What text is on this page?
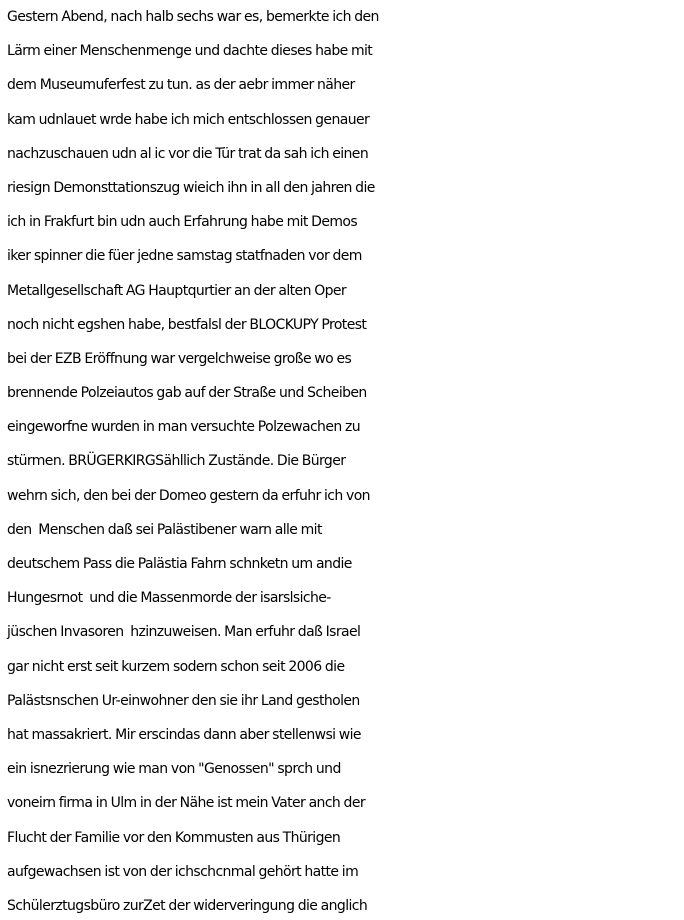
Gestern Abend, nach halb sechs war es, bemerkte ich den
Lärm einer Menschenmenge und dachte dieses habe mit
dem Museumuferfest zu tun. as der aebr immer näher
kam udnlauet wrde habe ich mich entschlossen genauer
nachzuschauen udn al ic vor die Tür trat da sah ich einen
riesign Demonsttationszug wieich ihn in all den jahren die
ich in Frakfurt bin udn auch Erfahrung habe mit Demos
iker spinner die füer jedne samstag statfnaden vor dem
Metallgesellschaft AG Hauptqurtier an der alten Oper
noch nicht egshen habe, bestfalsl der BLOCKUPY Protest
bei der EZB Eröffnung war vergelchweise große wo es
brennende Polzeiautos gab auf der Straße und Scheiben
eingeworfne wurden in man versuchte Polzewachen zu
stürmen. BRÜGERKIRGSähllich Zustände. Die Bürger
wehrn sich, den bei der Domeo gestern da erfuhr ich von
den  Menschen daß sei Palästibener warn alle mit
deutschem Pass die Palästia Fahrn schnketn um andie
Hungesrnot  und die Massenmorde der isarslsiche-
jüschen Invasoren  hzinzuweisen. Man erfuhr daß Israel
gar nicht erst seit kurzem sodern schon seit 2006 die
Palästsnschen Ur-einwohner den sie ihr Land gestholen
hat massakriert. Mir erscindas dann aber stellenwsi wie
ein isnezrierung wie man von "Genossen" sprch und
voneirn firma in Ulm in der Nähe ist mein Vater anch der
Flucht der Familie vor den Kommusten aus Thürigen
aufgewachsen ist von der ichschcnmal gehört hatte im
Schülerztugsbüro zurZet der widerveringung die anglich
